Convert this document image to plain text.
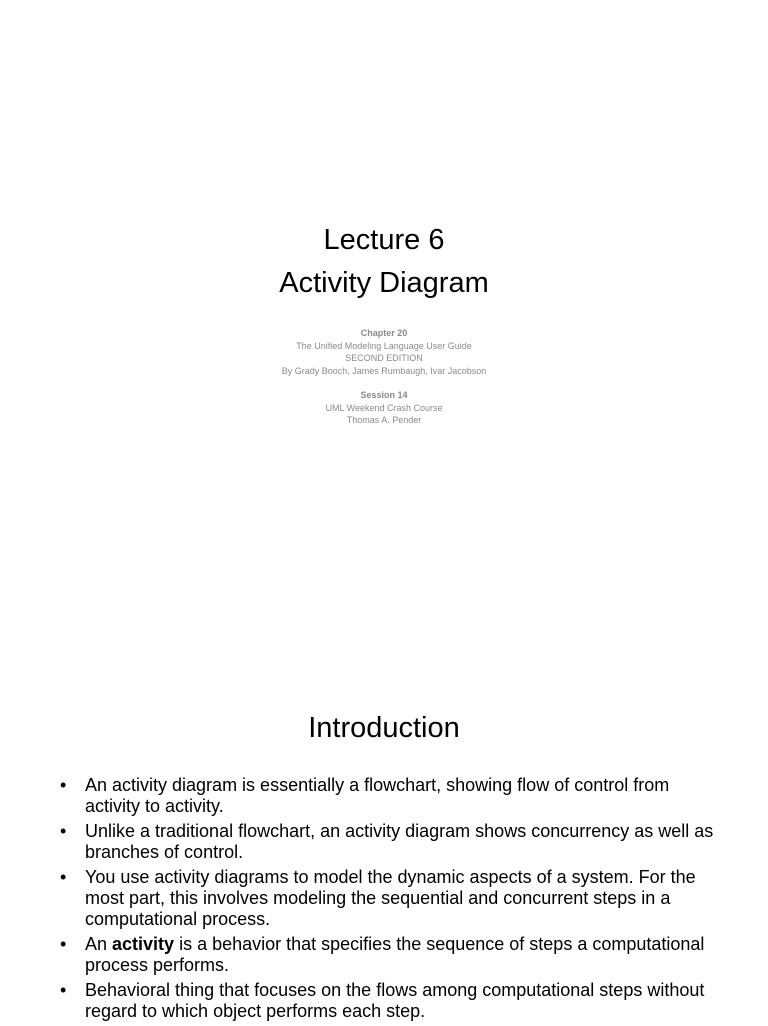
Lecture 6
Activity Diagram
Chapter 20
The Unified Modeling Language User Guide
SECOND EDITION
By Grady Booch, James Rumbaugh, Ivar Jacobson
Session 14
UML Weekend Crash Course
Thomas A. Pender
Introduction
• An activity diagram is essentially a flowchart, showing flow of control from activity to activity.
• Unlike a traditional flowchart, an activity diagram shows concurrency as well as branches of control.
• You use activity diagrams to model the dynamic aspects of a system. For the most part, this involves modeling the sequential and concurrent steps in a computational process.
• An activity is a behavior that specifies the sequence of steps a computational process performs.
• Behavioral thing that focuses on the flows among computational steps without regard to which object performs each step.
